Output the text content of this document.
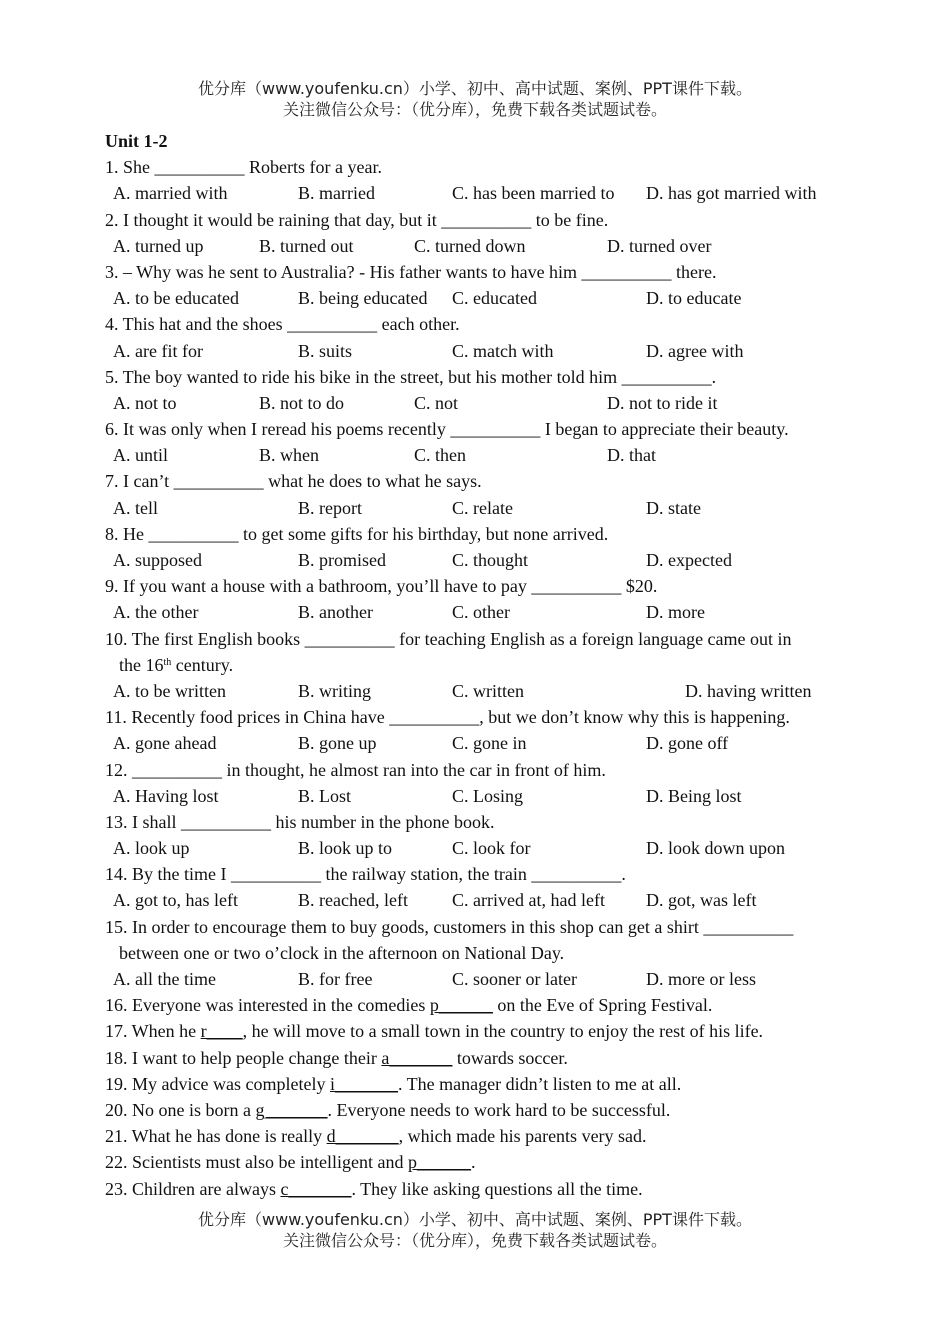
优分库（www.youfenku.cn）小学、初中、高中试题、案例、PPT课件下载。
关注微信公众号：（优分库），免费下载各类试题试卷。
Unit 1-2
1. She __________ Roberts for a year.
A. married with	B. married	C. has been married to D. has got married with
2. I thought it would be raining that day, but it __________ to be fine.
A. turned up	B. turned out	C. turned down	D. turned over
3. – Why was he sent to Australia? - His father wants to have him __________ there.
A. to be educated	B. being educated C. educated	D. to educate
4. This hat and the shoes __________ each other.
A. are fit for	B. suits	C. match with	D. agree with
5. The boy wanted to ride his bike in the street, but his mother told him __________.
A. not to	B. not to do	C. not	D. not to ride it
6. It was only when I reread his poems recently __________ I began to appreciate their beauty.
A. until	B. when	C. then	D. that
7. I can’t __________ what he does to what he says.
A. tell	B. report	C. relate	D. state
8. He __________ to get some gifts for his birthday, but none arrived.
A. supposed	B. promised	C. thought	D. expected
9. If you want a house with a bathroom, you’ll have to pay __________ $20.
A. the other	B. another	C. other	D. more
10. The first English books __________ for teaching English as a foreign language came out in
the 16th century.
A. to be written	B. writing	C. written	D. having written
11. Recently food prices in China have __________, but we don’t know why this is happening.
A. gone ahead	B. gone up	C. gone in	D. gone off
12. __________ in thought, he almost ran into the car in front of him.
A. Having lost	B. Lost	C. Losing	D. Being lost
13. I shall __________ his number in the phone book.
A. look up	B. look up to	C. look for	D. look down upon
14. By the time I __________ the railway station, the train __________.
A. got to, has left	B. reached, left C. arrived at, had left D. got, was left
15. In order to encourage them to buy goods, customers in this shop can get a shirt __________
between one or two o’clock in the afternoon on National Day.
A. all the time	B. for free	C. sooner or later	D. more or less
16. Everyone was interested in the comedies p______ on the Eve of Spring Festival.
17. When he r____, he will move to a small town in the country to enjoy the rest of his life.
18. I want to help people change their a_______ towards soccer.
19. My advice was completely i_______. The manager didn’t listen to me at all.
20. No one is born a g_______. Everyone needs to work hard to be successful.
21. What he has done is really d_______, which made his parents very sad.
22. Scientists must also be intelligent and p______.
23. Children are always c_______. They like asking questions all the time.
优分库（www.youfenku.cn）小学、初中、高中试题、案例、PPT课件下载。
关注微信公众号：（优分库），免费下载各类试题试卷。
